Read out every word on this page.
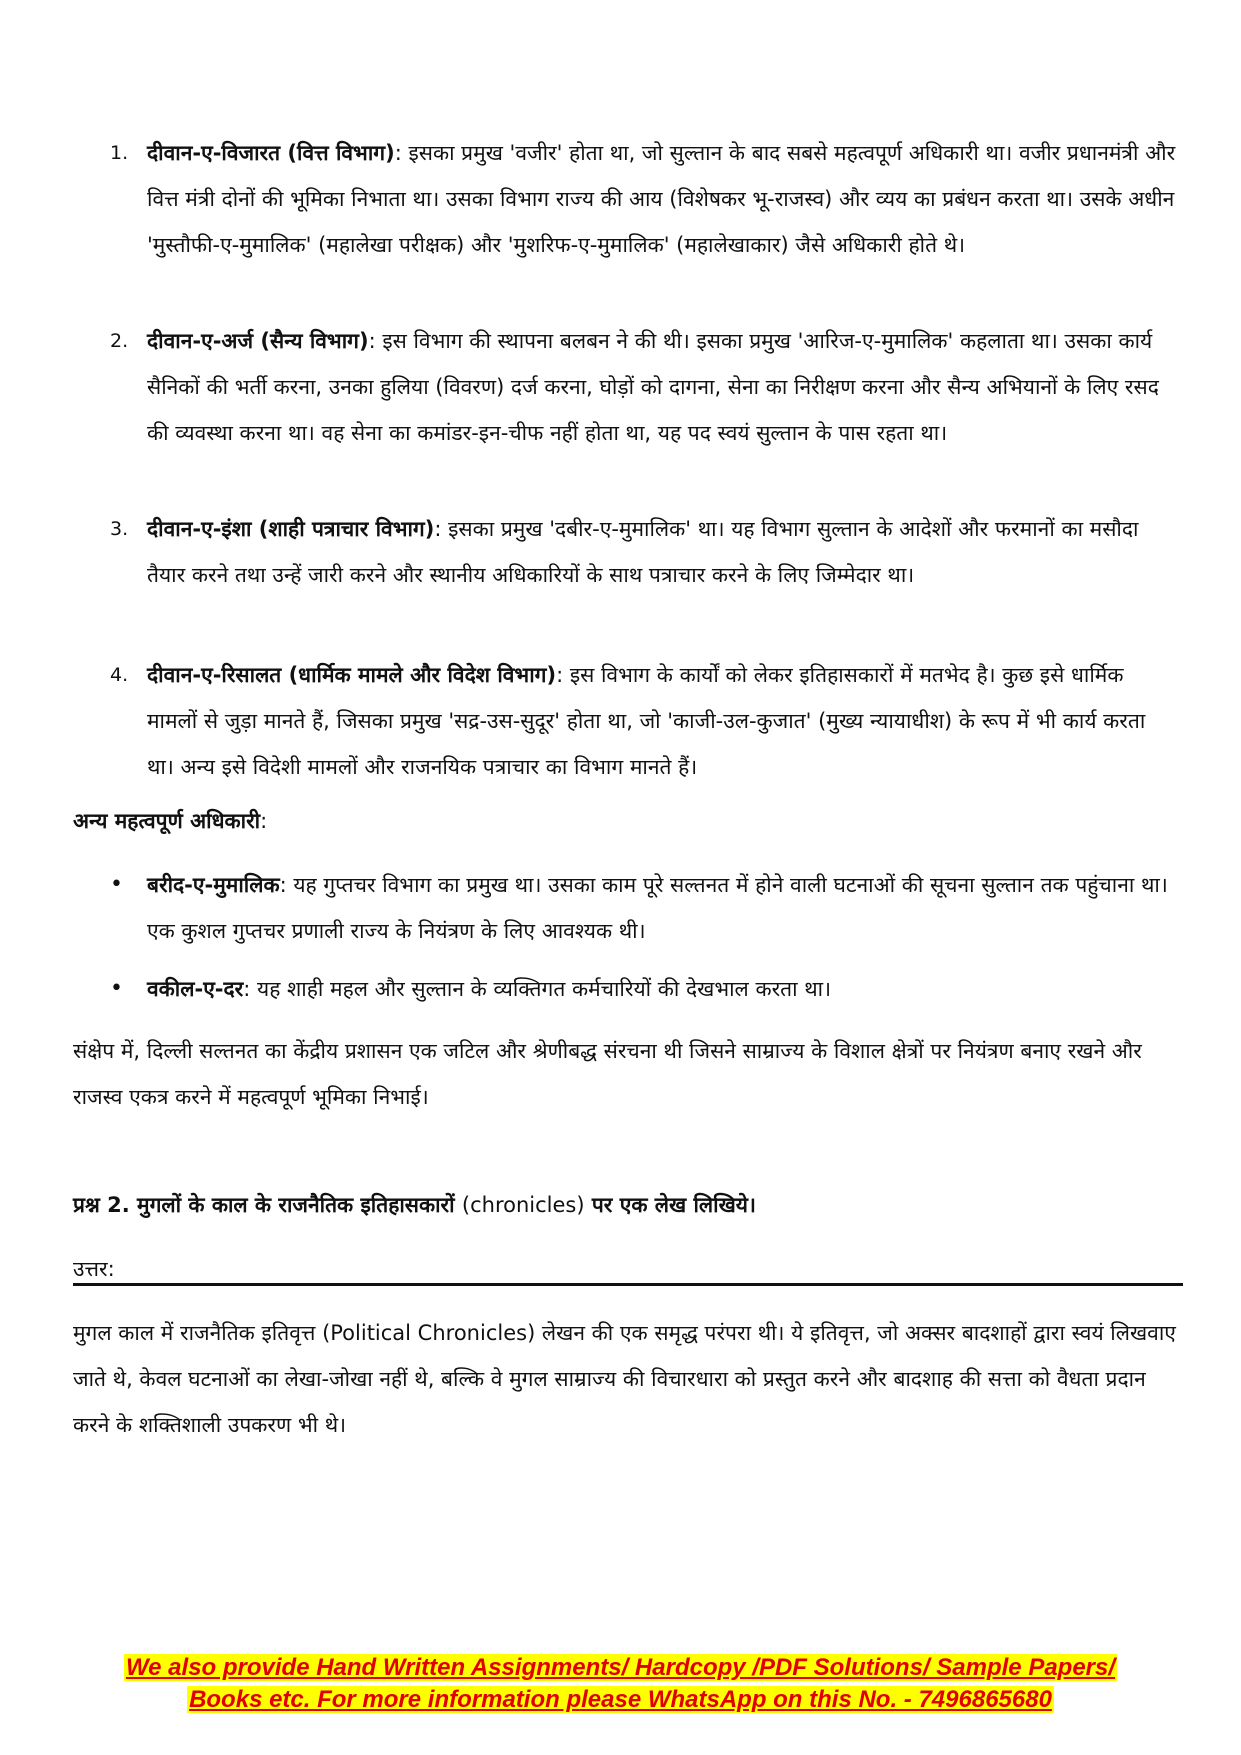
1. दीवान-ए-विजारत (वित्त विभाग): इसका प्रमुख 'वजीर' होता था, जो सुल्तान के बाद सबसे महत्वपूर्ण अधिकारी था। वजीर प्रधानमंत्री और वित्त मंत्री दोनों की भूमिका निभाता था। उसका विभाग राज्य की आय (विशेषकर भू-राजस्व) और व्यय का प्रबंधन करता था। उसके अधीन 'मुस्तौफी-ए-मुमालिक' (महालेखा परीक्षक) और 'मुशरिफ-ए-मुमालिक' (महालेखाकार) जैसे अधिकारी होते थे।
2. दीवान-ए-अर्ज (सैन्य विभाग): इस विभाग की स्थापना बलबन ने की थी। इसका प्रमुख 'आरिज-ए-मुमालिक' कहलाता था। उसका कार्य सैनिकों की भर्ती करना, उनका हुलिया (विवरण) दर्ज करना, घोड़ों को दागना, सेना का निरीक्षण करना और सैन्य अभियानों के लिए रसद की व्यवस्था करना था। वह सेना का कमांडर-इन-चीफ नहीं होता था, यह पद स्वयं सुल्तान के पास रहता था।
3. दीवान-ए-इंशा (शाही पत्राचार विभाग): इसका प्रमुख 'दबीर-ए-मुमालिक' था। यह विभाग सुल्तान के आदेशों और फरमानों का मसौदा तैयार करने तथा उन्हें जारी करने और स्थानीय अधिकारियों के साथ पत्राचार करने के लिए जिम्मेदार था।
4. दीवान-ए-रिसालत (धार्मिक मामले और विदेश विभाग): इस विभाग के कार्यों को लेकर इतिहासकारों में मतभेद है। कुछ इसे धार्मिक मामलों से जुड़ा मानते हैं, जिसका प्रमुख 'सद्र-उस-सुदूर' होता था, जो 'काजी-उल-कुजात' (मुख्य न्यायाधीश) के रूप में भी कार्य करता था। अन्य इसे विदेशी मामलों और राजनयिक पत्राचार का विभाग मानते हैं।
अन्य महत्वपूर्ण अधिकारी:
• बरीद-ए-मुमालिक: यह गुप्तचर विभाग का प्रमुख था। उसका काम पूरे सल्तनत में होने वाली घटनाओं की सूचना सुल्तान तक पहुंचाना था। एक कुशल गुप्तचर प्रणाली राज्य के नियंत्रण के लिए आवश्यक थी।
• वकील-ए-दर: यह शाही महल और सुल्तान के व्यक्तिगत कर्मचारियों की देखभाल करता था।
संक्षेप में, दिल्ली सल्तनत का केंद्रीय प्रशासन एक जटिल और श्रेणीबद्ध संरचना थी जिसने साम्राज्य के विशाल क्षेत्रों पर नियंत्रण बनाए रखने और राजस्व एकत्र करने में महत्वपूर्ण भूमिका निभाई।
प्रश्न 2. मुगलों के काल के राजनैतिक इतिहासकारों (chronicles) पर एक लेख लिखिये।
उत्तर:
मुगल काल में राजनैतिक इतिवृत्त (Political Chronicles) लेखन की एक समृद्ध परंपरा थी। ये इतिवृत्त, जो अक्सर बादशाहों द्वारा स्वयं लिखवाए जाते थे, केवल घटनाओं का लेखा-जोखा नहीं थे, बल्कि वे मुगल साम्राज्य की विचारधारा को प्रस्तुत करने और बादशाह की सत्ता को वैधता प्रदान करने के शक्तिशाली उपकरण भी थे।
We also provide Hand Written Assignments/ Hardcopy /PDF Solutions/ Sample Papers/
Books etc. For more information please WhatsApp on this No. - 7496865680
